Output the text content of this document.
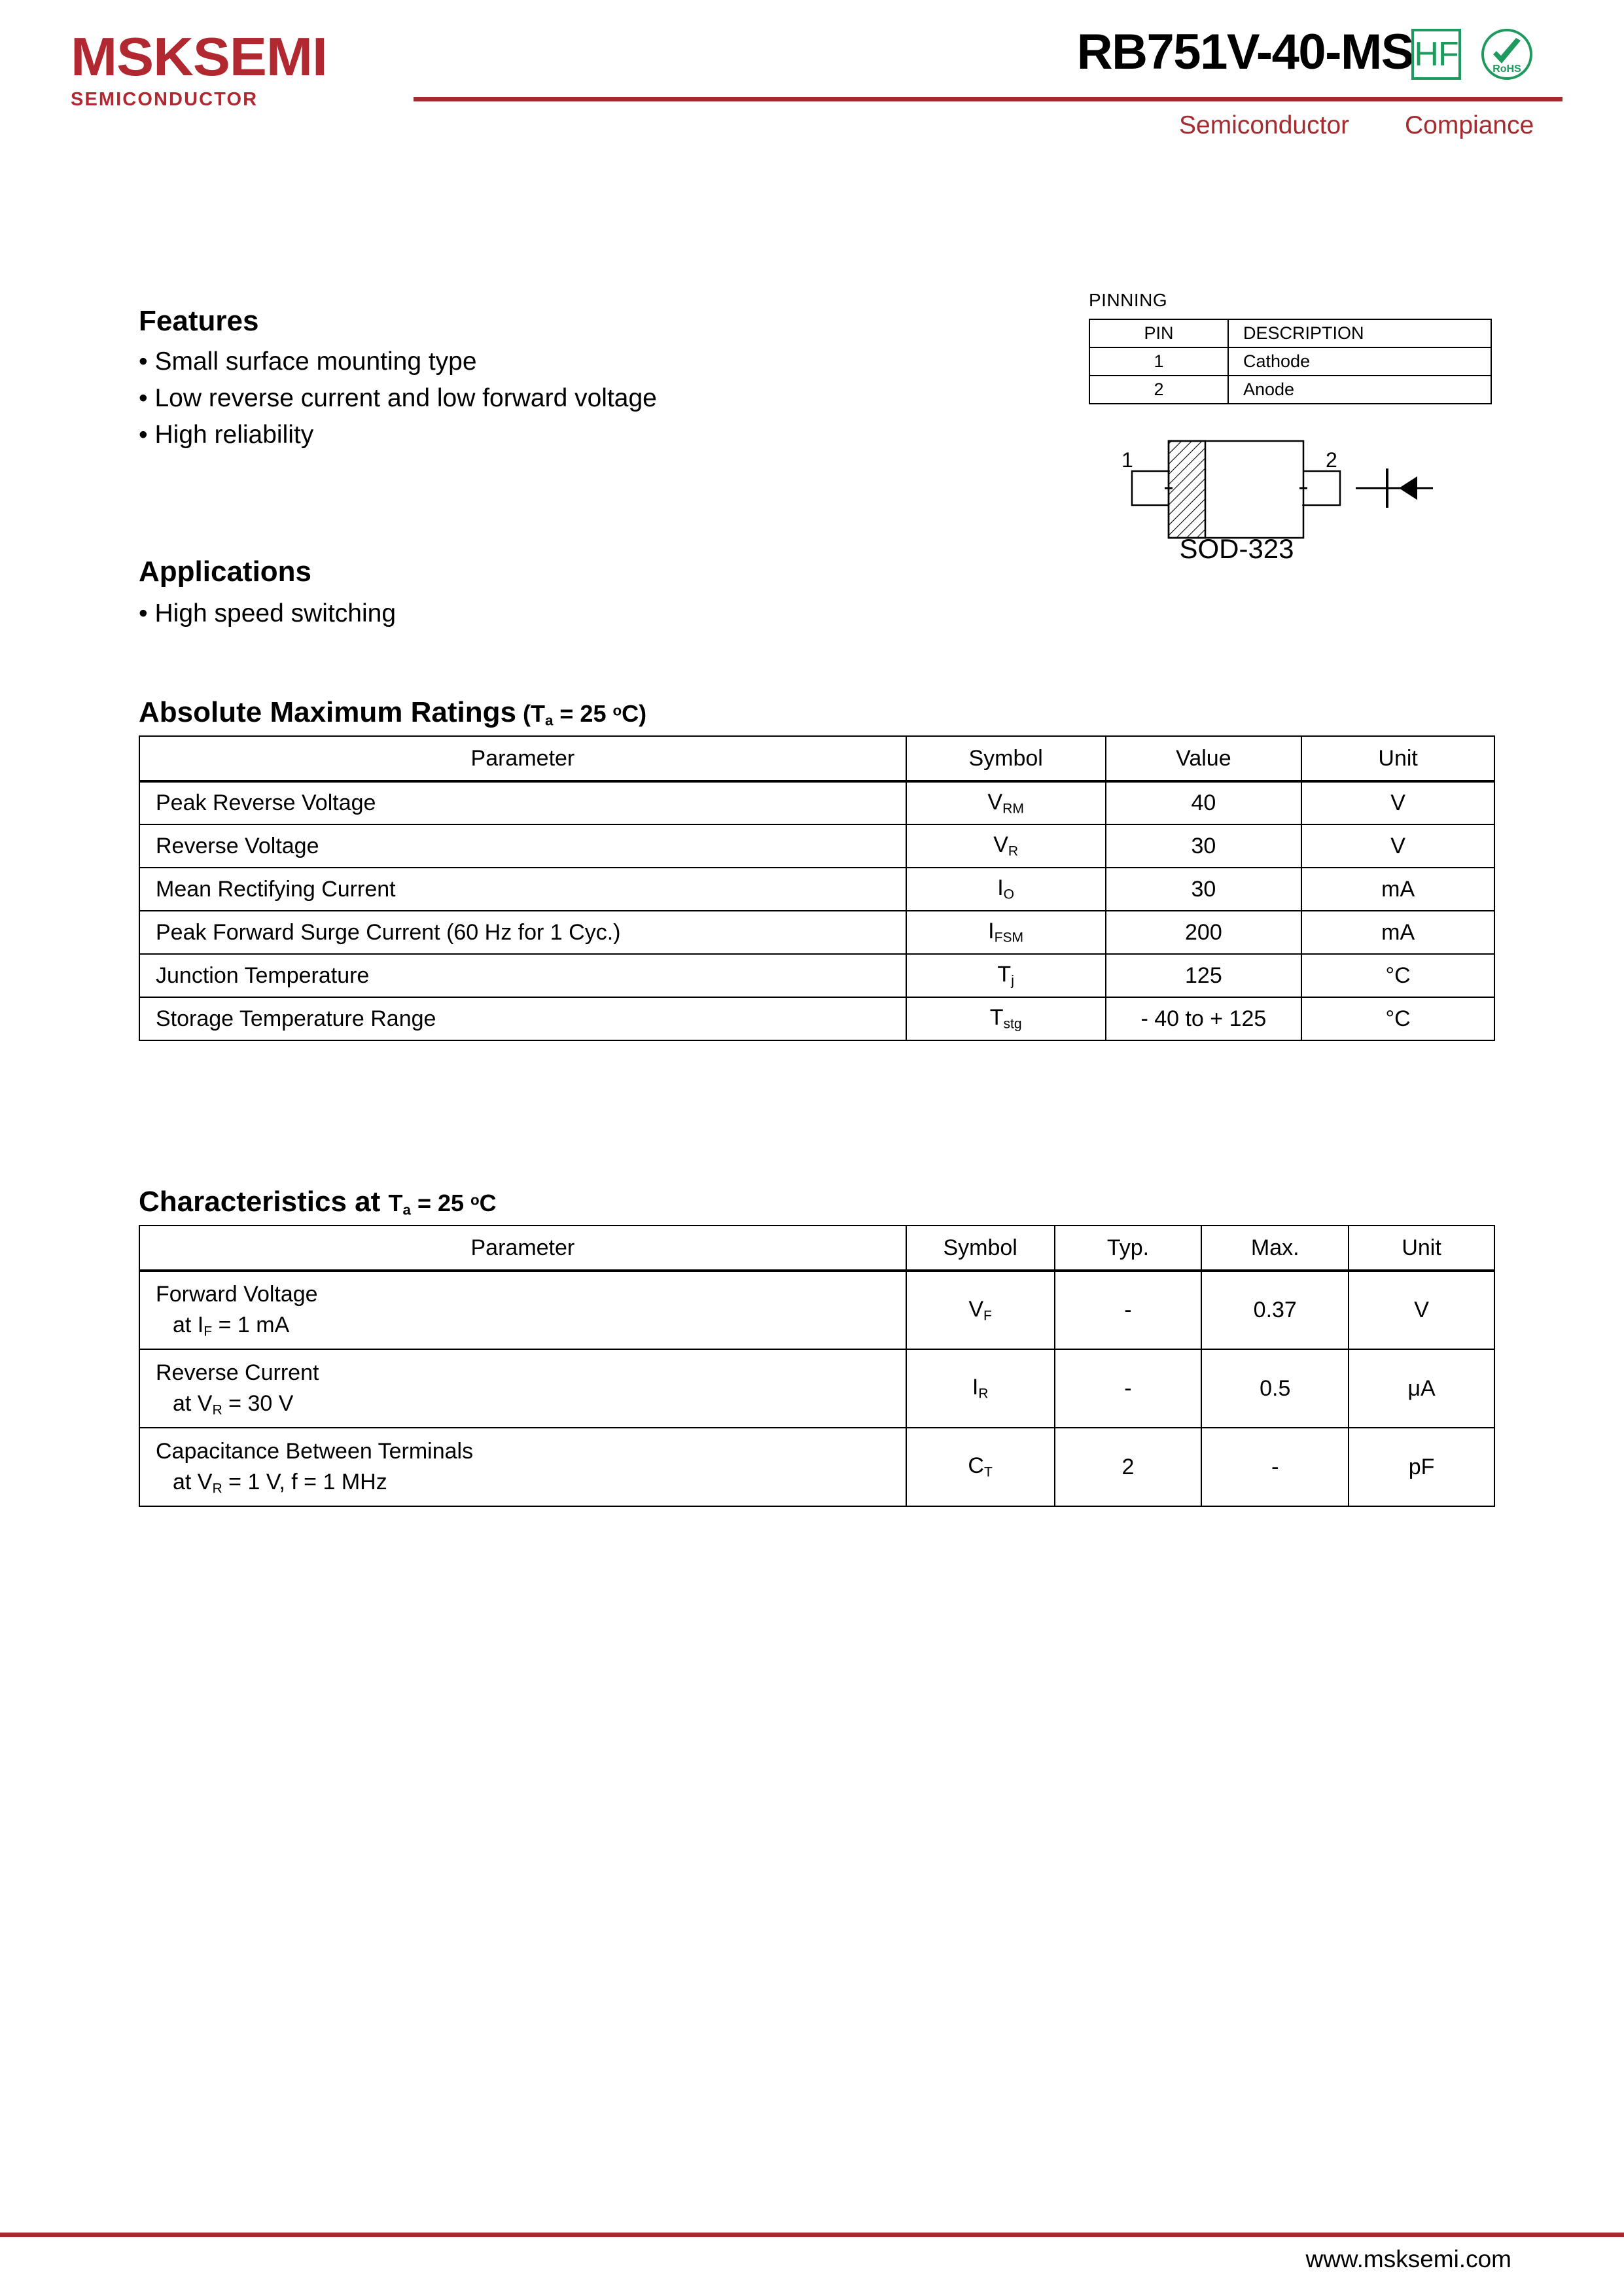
MSKSEMI
SEMICONDUCTOR
RB751V-40-MS HF	RoHS
Semiconductor Compiance
Features
• Small surface mounting type
• Low reverse current and low forward voltage
• High reliability
Applications
• High speed switching
PINNING
PIN	DESCRIPTION
1	Cathode
2	Anode
1	2
SOD-323
Absolute Maximum Ratings ($T_a = 25$ $^o$C)
Parameter	Symbol	Value	Unit
Peak Reverse Voltage	$V_{RM}$	40	V
Reverse Voltage	$V_R$	30	V
Mean Rectifying Current	$I_O$	30	mA
Peak Forward Surge Current (60 Hz for 1 Cyc.)	$I_{FSM}$	200	mA
Junction Temperature	$T_j$	125	°C
Storage Temperature Range	$T_{stg}$	- 40 to + 125	°C
Characteristics at $T_a = 25$ $^o$C
Parameter	Symbol	Typ.	Max.	Unit
Forward Voltage
at $I_F = 1$ mA	$V_F$	-	0.37	V
Reverse Current
at $V_R = 30$ V	$I_R$	-	0.5	μA
Capacitance Between Terminals
at $V_R = 1$ V, f = 1 MHz	$C_T$	2	-	pF
www.msksemi.com
